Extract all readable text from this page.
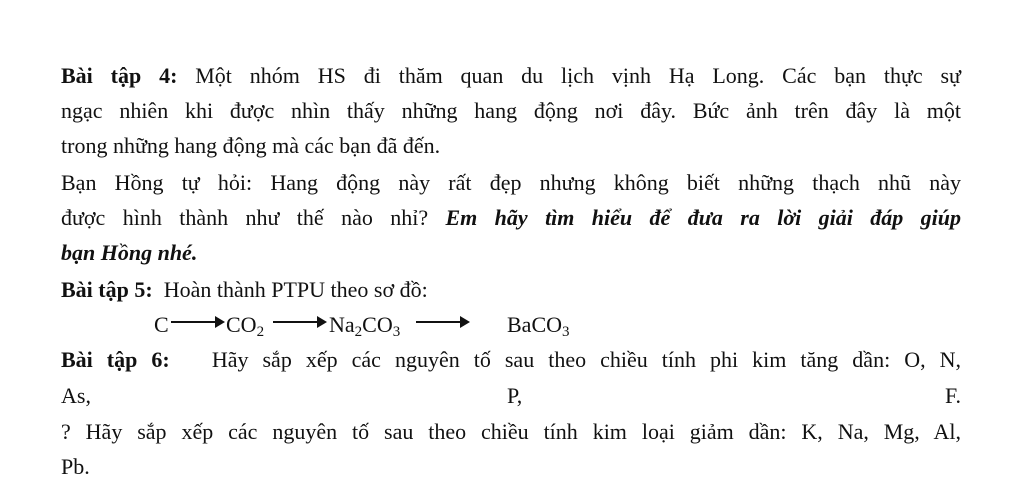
Bài tập 4: Một nhóm HS đi thăm quan du lịch vịnh Hạ Long. Các bạn thực sự
ngạc nhiên khi được nhìn thấy những hang động nơi đây. Bức ảnh trên đây là một
trong những hang động mà các bạn đã đến.
Bạn Hồng tự hỏi: Hang động này rất đẹp nhưng không biết những thạch nhũ này
được hình thành như thế nào nhỉ? Em hãy tìm hiểu để đưa ra lời giải đáp giúp
bạn Hồng nhé.
Bài tập 5: Hoàn thành PTPU theo sơ đồ:
C	$CO_2$	$Na_2CO_3$	BaCO$_3$
Bài tập 6: Hãy sắp xếp các nguyên tố sau theo chiều tính phi kim tăng dần: O, N,
As,	P,	F.
? Hãy sắp xếp các nguyên tố sau theo chiều tính kim loại giảm dần: K, Na, Mg, Al,
Pb.
